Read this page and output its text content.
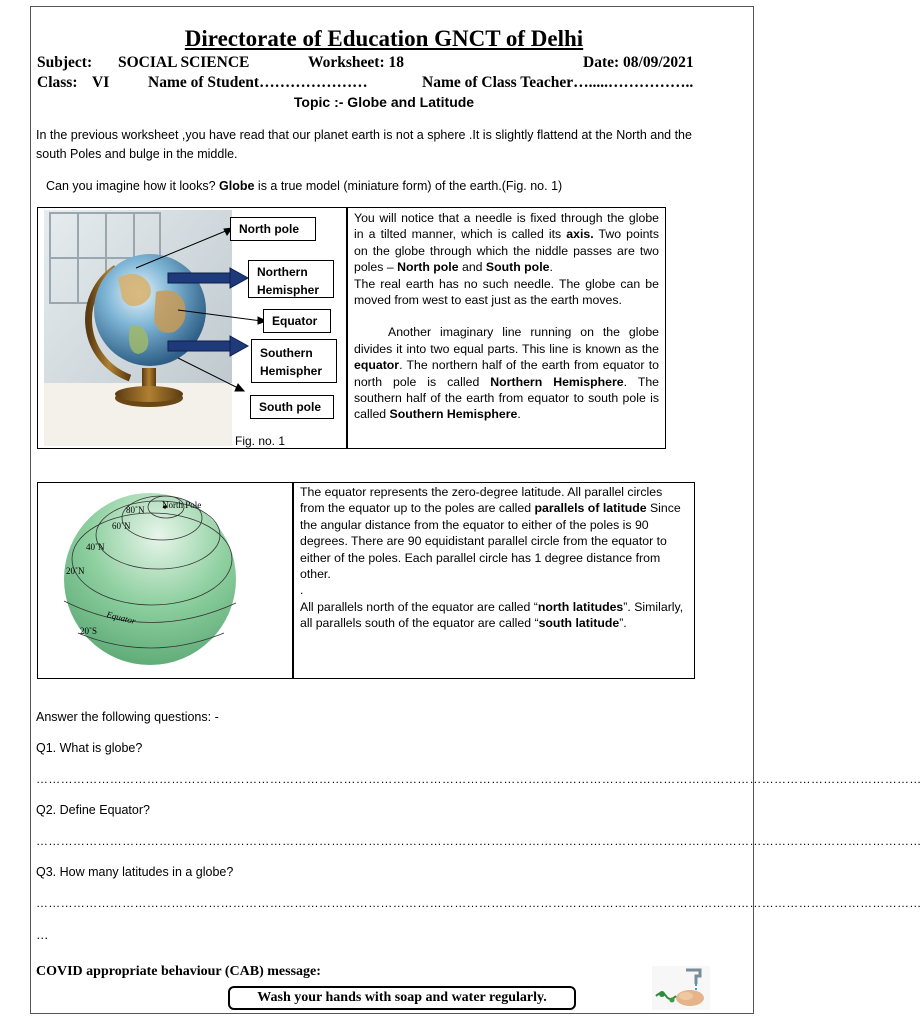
Directorate of Education GNCT of Delhi
Subject: SOCIAL SCIENCE	Worksheet: 18	Date: 08/09/2021
Class: VI	Name of Student…………………	Name of Class Teacher….....……………..
Topic :- Globe and Latitude
In the previous worksheet ,you have read that our planet earth is not a sphere .It is slightly flattend at the North and the
south Poles and bulge in the middle.
Can you imagine how it looks? Globe is a true model (miniature form) of the earth.(Fig. no. 1)
North pole
Northern Hemispher
Equator
Southern Hemispher
South pole
Fig. no. 1
You will notice that a needle is fixed through the globe in a tilted manner, which is called its axis. Two points on the globe through which the niddle passes are two poles – North pole and South pole.
The real earth has no such needle. The globe can be moved from west to east just as the earth moves.
Another imaginary line running on the globe divides it into two equal parts. This line is known as the equator. The northern half of the earth from equator to north pole is called Northern Hemisphere. The southern half of the earth from equator to south pole is called Southern Hemisphere.
North Pole
80˚N
60˚N
40˚N
20˚N
Equator
20˚S
The equator represents the zero-degree latitude. All parallel circles from the equator up to the poles are called parallels of latitude Since the angular distance from the equator to either of the poles is 90 degrees. There are 90 equidistant parallel circle from the equator to either of the poles. Each parallel circle has 1 degree distance from other.
.
All parallels north of the equator are called “north latitudes”. Similarly, all parallels south of the equator are called “south latitude”.
Answer the following questions: -
Q1. What is globe?
………………………………………………………………………………………………………………………………………………………………………………………………
Q2. Define Equator?
………………………………………………………………………………………………………………………………………………………………………………………………
Q3. How many latitudes in a globe?
………………………………………………………………………………………………………………………………………………………………………………………………
…
COVID appropriate behaviour (CAB) message:
Wash your hands with soap and water regularly.
